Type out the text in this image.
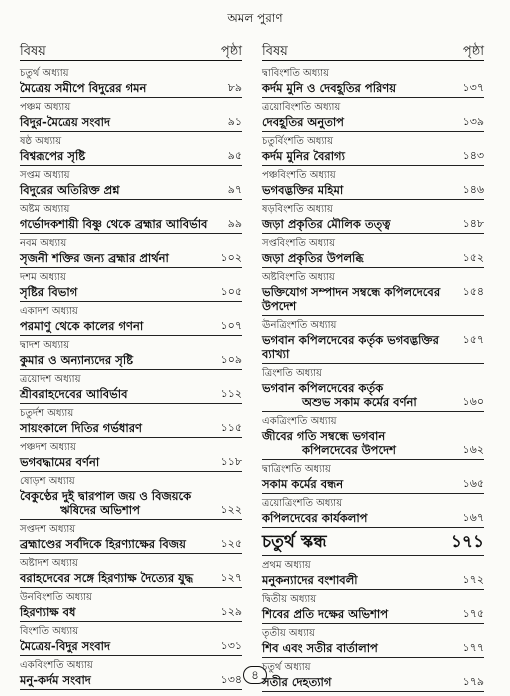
অমল পুরাণ
বিষয়	পৃষ্ঠা
চতুর্থ অধ্যায়
মৈত্রেয় সমীপে বিদুরের গমন	৮৯
পঞ্চম অধ্যায়
বিদুর-মৈত্রেয় সংবাদ	৯১
ষষ্ঠ অধ্যায়
বিশ্বরূপের সৃষ্টি	৯৫
সপ্তম অধ্যায়
বিদুরের অতিরিক্ত প্রশ্ন	৯৭
অষ্টম অধ্যায়
গর্ভোদকশায়ী বিষ্ণু থেকে ব্রহ্মার আবির্ভাব	৯৯
নবম অধ্যায়
সৃজনী শক্তির জন্য ব্রহ্মার প্রার্থনা	১০২
দশম অধ্যায়
সৃষ্টির বিভাগ	১০৫
একাদশ অধ্যায়
পরমাণু থেকে কালের গণনা	১০৭
দ্বাদশ অধ্যায়
কুমার ও অন্যান্যদের সৃষ্টি	১০৯
ত্রয়োদশ অধ্যায়
শ্রীবরাহদেবের আবির্ভাব	১১২
চতুর্দশ অধ্যায়
সায়ংকালে দিতির গর্ভধারণ	১১৫
পঞ্চদশ অধ্যায়
ভগবদ্ধামের বর্ণনা	১১৮
ষোড়শ অধ্যায়
বৈকুণ্ঠের দুই দ্বারপাল জয় ও বিজয়কে
ঋষিদের অভিশাপ	১২২
সপ্তদশ অধ্যায়
ব্রহ্মাণ্ডের সর্বদিকে হিরণ্যাক্ষের বিজয়	১২৫
অষ্টাদশ অধ্যায়
বরাহদেবের সঙ্গে হিরণ্যাক্ষ দৈত্যের যুদ্ধ	১২৭
উনবিংশতি অধ্যায়
হিরণ্যাক্ষ বধ	১২৯
বিংশতি অধ্যায়
মৈত্রেয়-বিদুর সংবাদ	১৩১
একবিংশতি অধ্যায়
মনু-কর্দম সংবাদ	১৩৪
বিষয়	পৃষ্ঠা
দ্বাবিংশতি অধ্যায়
কর্দম মুনি ও দেবহূতির পরিণয়	১৩৭
ত্রয়োবিংশতি অধ্যায়
দেবহূতির অনুতাপ	১৩৯
চতুর্বিংশতি অধ্যায়
কর্দম মুনির বৈরাগ্য	১৪৩
পঞ্চবিংশতি অধ্যায়
ভগবদ্ভক্তির মহিমা	১৪৬
ষড়বিংশতি অধ্যায়
জড়া প্রকৃতির মৌলিক তত্ত্ব	১৪৮
সপ্তবিংশতি অধ্যায়
জড়া প্রকৃতির উপলব্ধি	১৫২
অষ্টবিংশতি অধ্যায়
ভক্তিযোগ সম্পাদন সম্বন্ধে কপিলদেবের উপদেশ
১৫৪
ঊনত্রিংশতি অধ্যায়
ভগবান কপিলদেবের কর্তৃক ভগবদ্ভক্তির ব্যাখ্যা
১৫৭
ত্রিংশতি অধ্যায়
ভগবান কপিলদেবের কর্তৃক
অশুভ সকাম কর্মের বর্ণনা	১৬০
একত্রিংশতি অধ্যায়
জীবের গতি সম্বন্ধে ভগবান
কপিলদেবের উপদেশ	১৬২
দ্বাত্রিংশতি অধ্যায়
সকাম কর্মের বন্ধন	১৬৫
ত্রয়োত্রিংশতি অধ্যায়
কপিলদেবের কার্যকলাপ	১৬৭
চতুর্থ স্কন্ধ	১৭১
প্রথম অধ্যায়
মনুকন্যাদের বংশাবলী	১৭২
দ্বিতীয় অধ্যায়
শিবের প্রতি দক্ষের অভিশাপ	১৭৫
তৃতীয় অধ্যায়
শিব এবং সতীর বার্তালাপ	১৭৭
চতুর্থ অধ্যায়
সতীর দেহত্যাগ	১৭৯
৪
